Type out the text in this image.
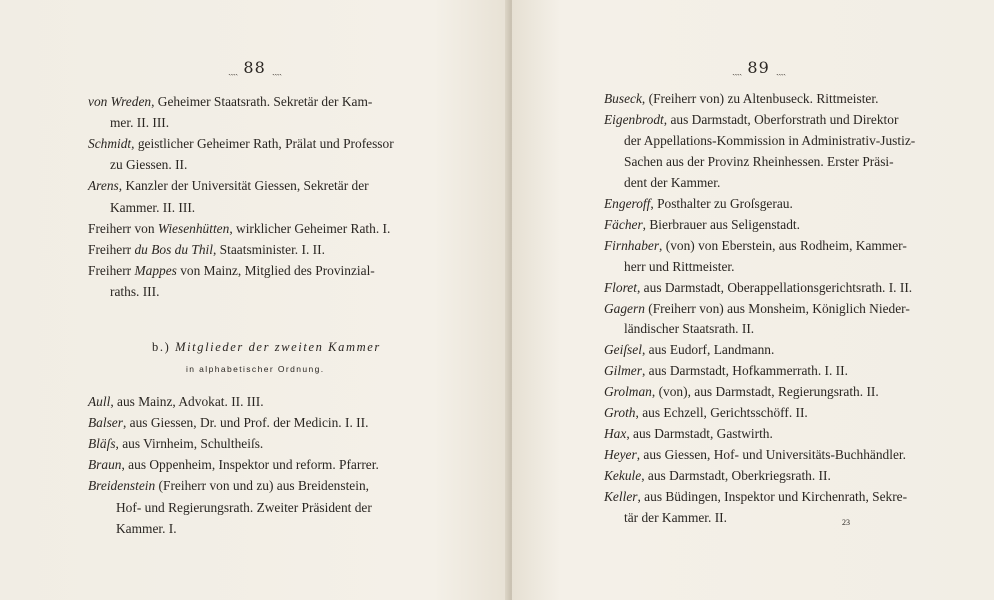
ˎˎˎˎ 88 ˎˎˎˎ
von Wreden, Geheimer Staatsrath. Sekretär der Kam-
mer. II. III.
Schmidt, geistlicher Geheimer Rath, Prälat und Professor
zu Giessen. II.
Arens, Kanzler der Universität Giessen, Sekretär der
Kammer. II. III.
Freiherr von Wiesenhütten, wirklicher Geheimer Rath. I.
Freiherr du Bos du Thil, Staatsminister. I. II.
Freiherr Mappes von Mainz, Mitglied des Provinzial-
raths. III.
b.) Mitglieder der zweiten Kammer
in alphabetischer Ordnung.
Aull, aus Mainz, Advokat. II. III.
Balser, aus Giessen, Dr. und Prof. der Medicin. I. II.
Bläſs, aus Virnheim, Schultheiſs.
Braun, aus Oppenheim, Inspektor und reform. Pfarrer.
Breidenstein (Freiherr von und zu) aus Breidenstein,
Hof- und Regierungsrath. Zweiter Präsident der
Kammer. I.
ˎˎˎˎ 89 ˎˎˎˎ
Buseck, (Freiherr von) zu Altenbuseck. Rittmeister.
Eigenbrodt, aus Darmstadt, Oberforstrath und Direktor
der Appellations-Kommission in Administrativ-Justiz-
Sachen aus der Provinz Rheinhessen. Erster Präsi-
dent der Kammer.
Engeroff, Posthalter zu Groſsgerau.
Fächer, Bierbrauer aus Seligenstadt.
Firnhaber, (von) von Eberstein, aus Rodheim, Kammer-
herr und Rittmeister.
Floret, aus Darmstadt, Oberappellationsgerichtsrath. I. II.
Gagern (Freiherr von) aus Monsheim, Königlich Nieder-
ländischer Staatsrath. II.
Geiſsel, aus Eudorf, Landmann.
Gilmer, aus Darmstadt, Hofkammerrath. I. II.
Grolman, (von), aus Darmstadt, Regierungsrath. II.
Groth, aus Echzell, Gerichtsschöff. II.
Hax, aus Darmstadt, Gastwirth.
Heyer, aus Giessen, Hof- und Universitäts-Buchhändler.
Kekule, aus Darmstadt, Oberkriegsrath. II.
Keller, aus Büdingen, Inspektor und Kirchenrath, Sekre-
tär der Kammer. II.	23
